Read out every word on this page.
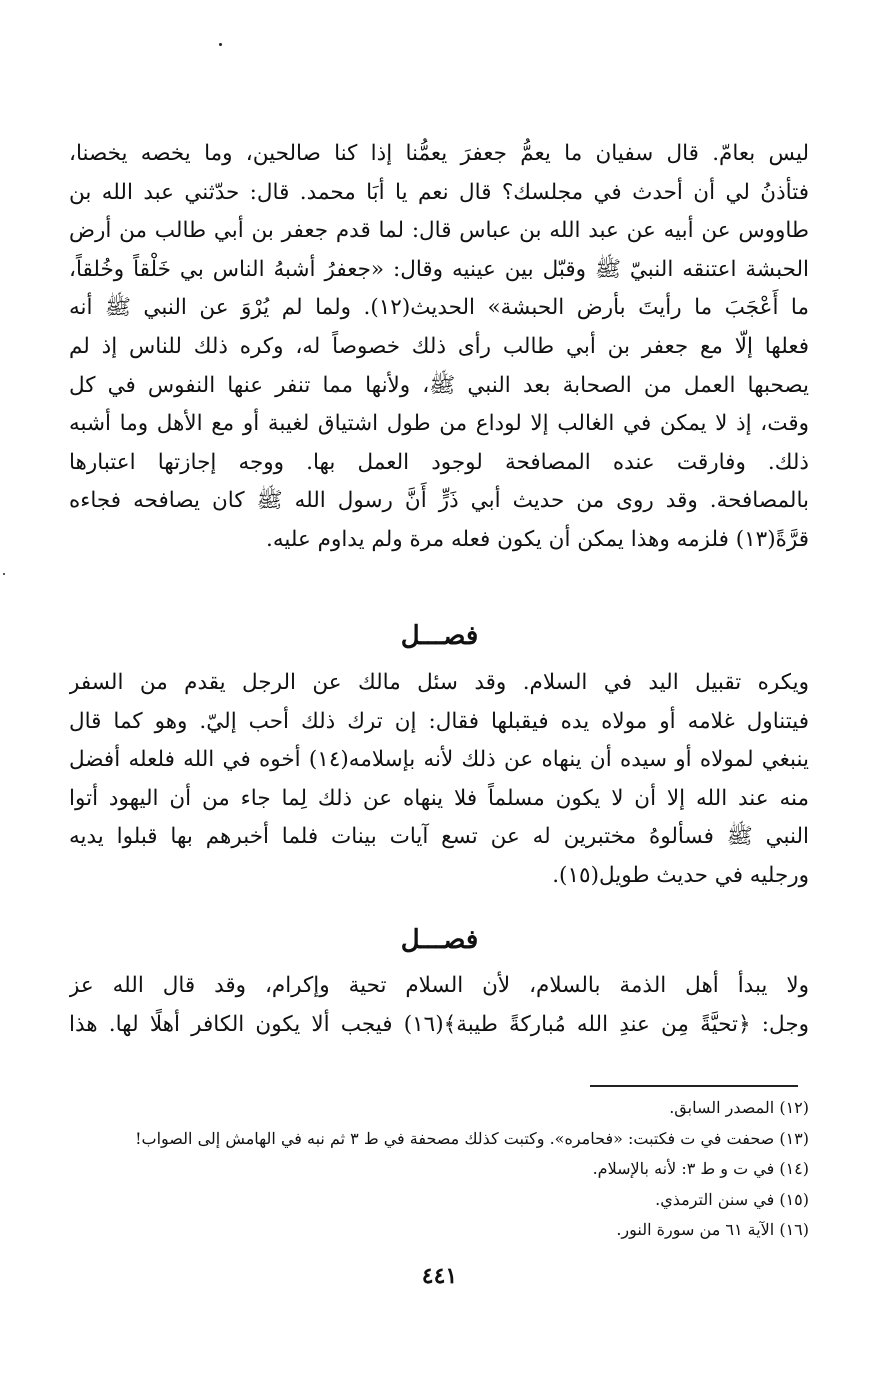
ليس بعامّ. قال سفيان ما يعمُّ جعفرَ يعمُّنا إذا كنا صالحين، وما يخصه يخصنا،
فتأذنُ لي أن أحدث في مجلسك؟ قال نعم يا أبَا محمد. قال: حدّثني عبد الله بن
طاووس عن أبيه عن عبد الله بن عباس قال: لما قدم جعفر بن أبي طالب من أرض
الحبشة اعتنقه النبيّ ﷺ وقبّل بين عينيه وقال: «جعفرُ أشبهُ الناس بي خَلْقاً وخُلقاً،
ما أَعْجَبَ ما رأيتَ بأرض الحبشة» الحديث(١٢). ولما لم يُرْوَ عن النبي ﷺ أنه
فعلها إلّا مع جعفر بن أبي طالب رأى ذلك خصوصاً له، وكره ذلك للناس إذ لم
يصحبها العمل من الصحابة بعد النبي ﷺ، ولأنها مما تنفر عنها النفوس في كل
وقت، إذ لا يمكن في الغالب إلا لوداع من طول اشتياق لغيبة أو مع الأهل وما أشبه
ذلك. وفارقت عنده المصافحة لوجود العمل بها. ووجه إجازتها اعتبارها
بالمصافحة. وقد روى من حديث أبي ذَرٍّ أَنَّ رسول الله ﷺ كان يصافحه فجاءه
قرَّةً(١٣) فلزمه وهذا يمكن أن يكون فعله مرة ولم يداوم عليه.
فصـــل
ويكره تقبيل اليد في السلام. وقد سئل مالك عن الرجل يقدم من السفر
فيتناول غلامه أو مولاه يده فيقبلها فقال: إن ترك ذلك أحب إليّ. وهو كما قال
ينبغي لمولاه أو سيده أن ينهاه عن ذلك لأنه بإسلامه(١٤) أخوه في الله فلعله أفضل
منه عند الله إلا أن لا يكون مسلماً فلا ينهاه عن ذلك لِما جاء من أن اليهود أتوا
النبي ﷺ فسألوهُ مختبرين له عن تسع آيات بينات فلما أخبرهم بها قبلوا يديه
ورجليه في حديث طويل(١٥).
فصـــل
ولا يبدأ أهل الذمة بالسلام، لأن السلام تحية وإكرام، وقد قال الله عز
وجل: ﴿تحيَّةً مِن عندِ الله مُباركةً طيبة﴾(١٦) فيجب ألا يكون الكافر أهلًا لها. هذا
(١٢) المصدر السابق.
(١٣) صحفت في ت فكتبت: «فحامره». وكتبت كذلك مصحفة في ط ٣ ثم نبه في الهامش إلى الصواب!
(١٤) في ت و ط ٣: لأنه بالإسلام.
(١٥) في سنن الترمذي.
(١٦) الآية ٦١ من سورة النور.
٤٤١
